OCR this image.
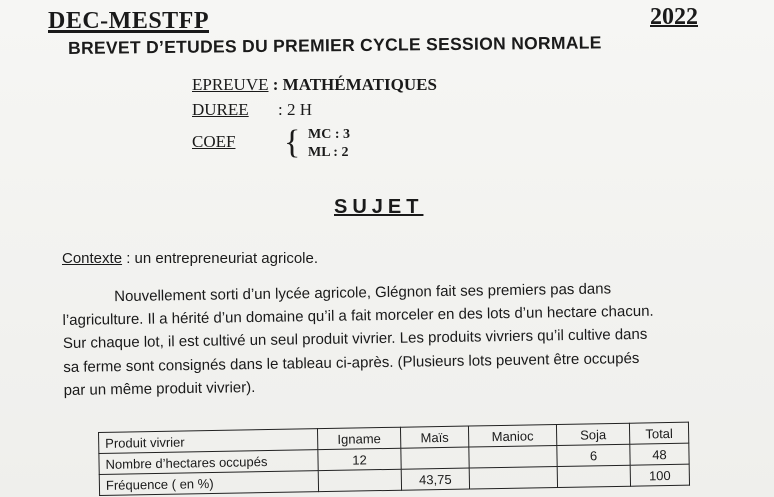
DEC-MESTFP	2022
BREVET D’ETUDES DU PREMIER CYCLE SESSION NORMALE
EPREUVE : MATHÉMATIQUES
DUREE : 2 H
COEF { MC : 3
ML : 2
SUJET
Contexte : un entrepreneuriat agricole.
Nouvellement sorti d’un lycée agricole, Glégnon fait ses premiers pas dans
l’agriculture. Il a hérité d’un domaine qu’il a fait morceler en des lots d’un hectare chacun.
Sur chaque lot, il est cultivé un seul produit vivrier. Les produits vivriers qu’il cultive dans
sa ferme sont consignés dans le tableau ci-après. (Plusieurs lots peuvent être occupés
par un même produit vivrier).
Produit vivrier	Igname	Maïs	Manioc	Soja	Total
Nombre d’hectares occupés	12			6	48
Fréquence ( en %)		43,75			100
